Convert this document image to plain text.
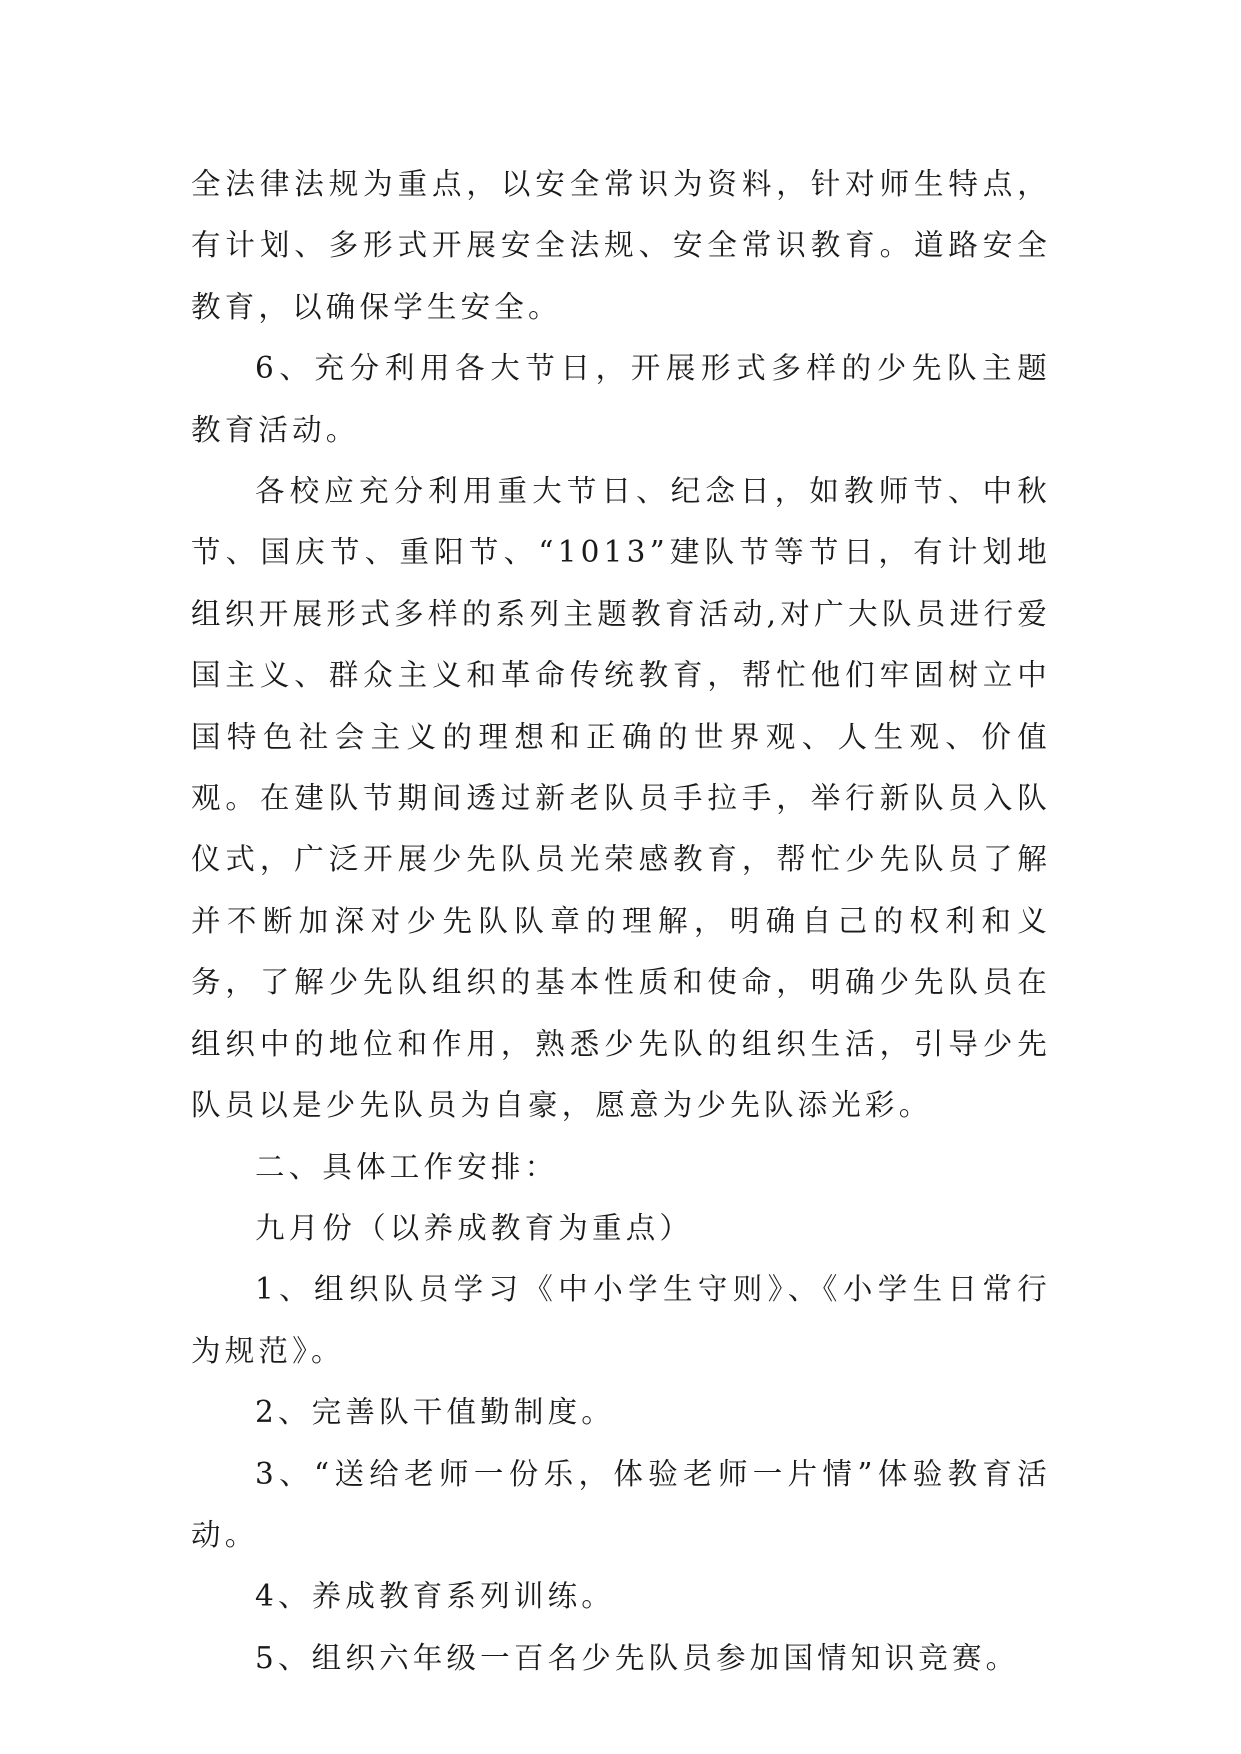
全法律法规为重点，以安全常识为资料，针对师生特点，有计划、多形式开展安全法规、安全常识教育。道路安全教育，以确保学生安全。

6、充分利用各大节日，开展形式多样的少先队主题教育活动。

各校应充分利用重大节日、纪念日，如教师节、中秋节、国庆节、重阳节、“1013”建队节等节日，有计划地组织开展形式多样的系列主题教育活动,对广大队员进行爱国主义、群众主义和革命传统教育，帮忙他们牢固树立中国特色社会主义的理想和正确的世界观、人生观、价值观。在建队节期间透过新老队员手拉手，举行新队员入队仪式，广泛开展少先队员光荣感教育，帮忙少先队员了解并不断加深对少先队队章的理解，明确自己的权利和义务，了解少先队组织的基本性质和使命，明确少先队员在组织中的地位和作用，熟悉少先队的组织生活，引导少先队员以是少先队员为自豪，愿意为少先队添光彩。

二、具体工作安排：

九月份（以养成教育为重点）

1、组织队员学习《中小学生守则》、《小学生日常行为规范》。

2、完善队干值勤制度。

3、“送给老师一份乐，体验老师一片情”体验教育活动。

4、养成教育系列训练。

5、组织六年级一百名少先队员参加国情知识竞赛。
